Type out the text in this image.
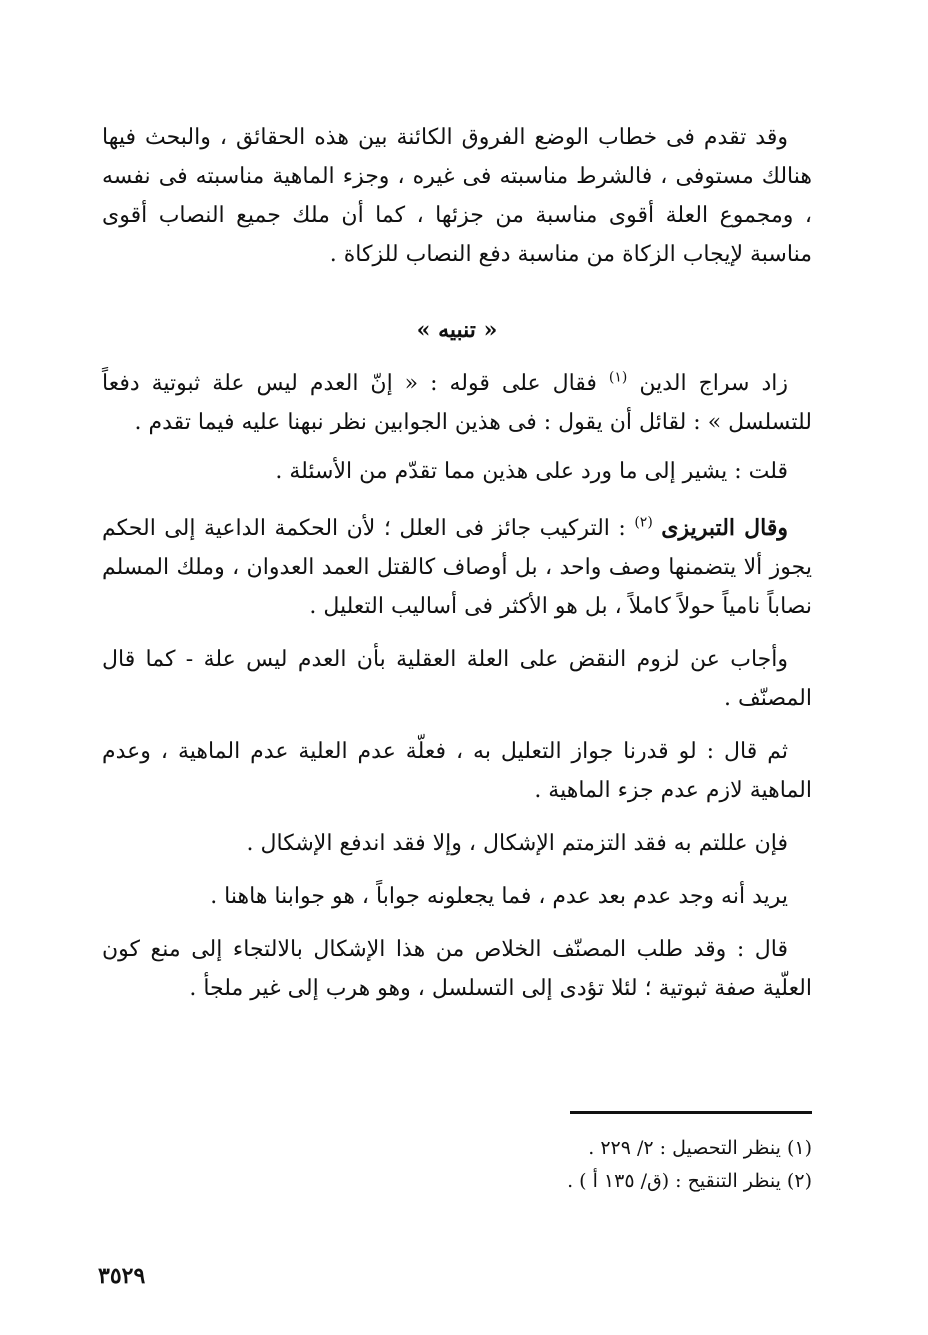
وقد تقدم فى خطاب الوضع الفروق الكائنة بين هذه الحقائق ، والبحث فيها هنالك مستوفى ، فالشرط مناسبته فى غيره ، وجزء الماهية مناسبته فى نفسه ، ومجموع العلة أقوى مناسبة من جزئها ، كما أن ملك جميع النصاب أقوى مناسبة لإيجاب الزكاة من مناسبة دفع النصاب للزكاة .

« تنبيه »

زاد سراج الدين $^{(١)}$ فقال على قوله : « إنّ العدم ليس علة ثبوتية دفعاً للتسلسل » : لقائل أن يقول : فى هذين الجوابين نظر نبهنا عليه فيما تقدم .

قلت : يشير إلى ما ورد على هذين مما تقدّم من الأسئلة .

وقال التبريزى $^{(٢)}$ : التركيب جائز فى العلل ؛ لأن الحكمة الداعية إلى الحكم يجوز ألا يتضمنها وصف واحد ، بل أوصاف كالقتل العمد العدوان ، وملك المسلم نصاباً نامياً حولاً كاملاً ، بل هو الأكثر فى أساليب التعليل .

وأجاب عن لزوم النقض على العلة العقلية بأن العدم ليس علة - كما قال المصنّف .

ثم قال : لو قدرنا جواز التعليل به ، فعلّة عدم العلية عدم الماهية ، وعدم الماهية لازم عدم جزء الماهية .

فإن عللتم به فقد التزمتم الإشكال ، وإلا فقد اندفع الإشكال .

يريد أنه وجد عدم بعد عدم ، فما يجعلونه جواباً ، هو جوابنا هاهنا .

قال : وقد طلب المصنّف الخلاص من هذا الإشكال بالالتجاء إلى منع كون العلّية صفة ثبوتية ؛ لئلا تؤدى إلى التسلسل ، وهو هرب إلى غير ملجأ .

(١) ينظر التحصيل : ٢/ ٢٢٩ .

(٢) ينظر التنقيح : (ق/ ١٣٥ أ ) .

٣٥٢٩
